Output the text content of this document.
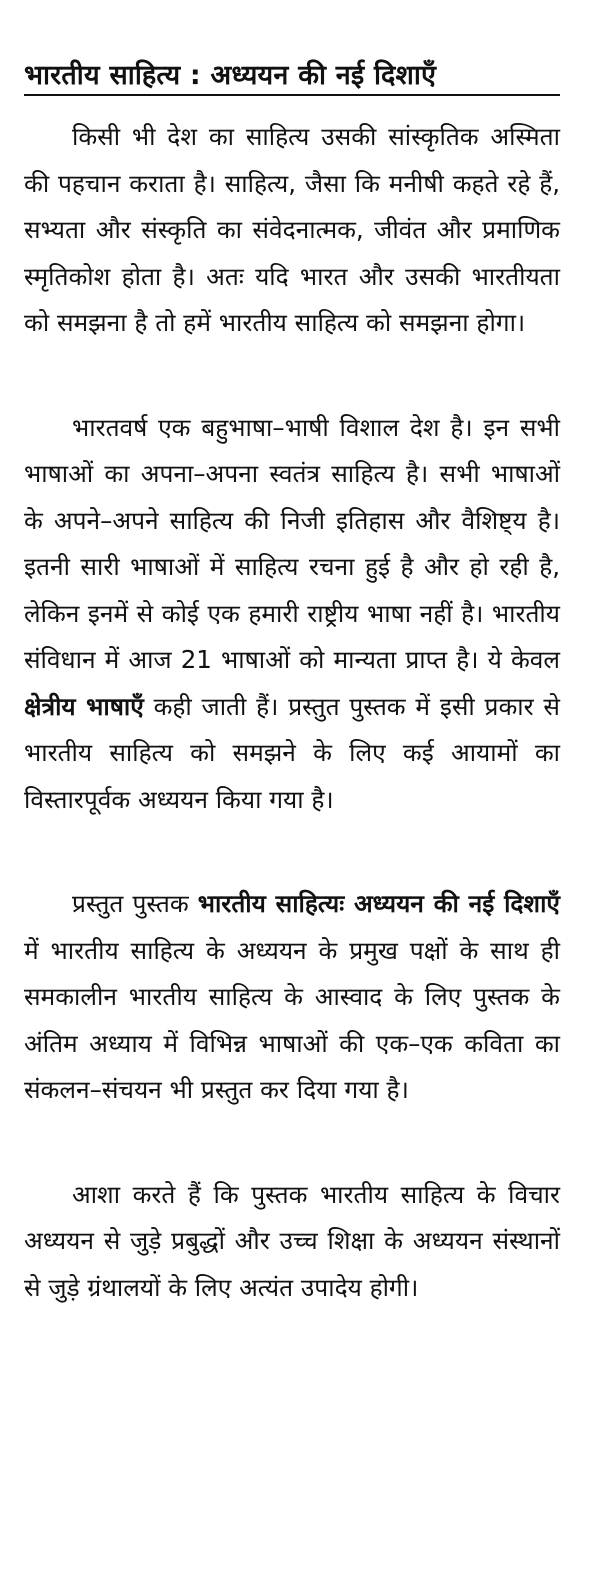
भारतीय साहित्य : अध्ययन की नई दिशाएँ

किसी भी देश का साहित्य उसकी सांस्कृतिक अस्मिता की पहचान कराता है। साहित्य, जैसा कि मनीषी कहते रहे हैं, सभ्यता और संस्कृति का संवेदनात्मक, जीवंत और प्रमाणिक स्मृतिकोश होता है। अतः यदि भारत और उसकी भारतीयता को समझना है तो हमें भारतीय साहित्य को समझना होगा।

भारतवर्ष एक बहुभाषा–भाषी विशाल देश है। इन सभी भाषाओं का अपना–अपना स्वतंत्र साहित्य है। सभी भाषाओं के अपने–अपने साहित्य की निजी इतिहास और वैशिष्ट्य है। इतनी सारी भाषाओं में साहित्य रचना हुई है और हो रही है, लेकिन इनमें से कोई एक हमारी राष्ट्रीय भाषा नहीं है। भारतीय संविधान में आज 21 भाषाओं को मान्यता प्राप्त है। ये केवल क्षेत्रीय भाषाएँ कही जाती हैं। प्रस्तुत पुस्तक में इसी प्रकार से भारतीय साहित्य को समझने के लिए कई आयामों का विस्तारपूर्वक अध्ययन किया गया है।

प्रस्तुत पुस्तक भारतीय साहित्यः अध्ययन की नई दिशाएँ में भारतीय साहित्य के अध्ययन के प्रमुख पक्षों के साथ ही समकालीन भारतीय साहित्य के आस्वाद के लिए पुस्तक के अंतिम अध्याय में विभिन्न भाषाओं की एक–एक कविता का संकलन–संचयन भी प्रस्तुत कर दिया गया है।

आशा करते हैं कि पुस्तक भारतीय साहित्य के विचार अध्ययन से जुड़े प्रबुद्धों और उच्च शिक्षा के अध्ययन संस्थानों से जुड़े ग्रंथालयों के लिए अत्यंत उपादेय होगी।
